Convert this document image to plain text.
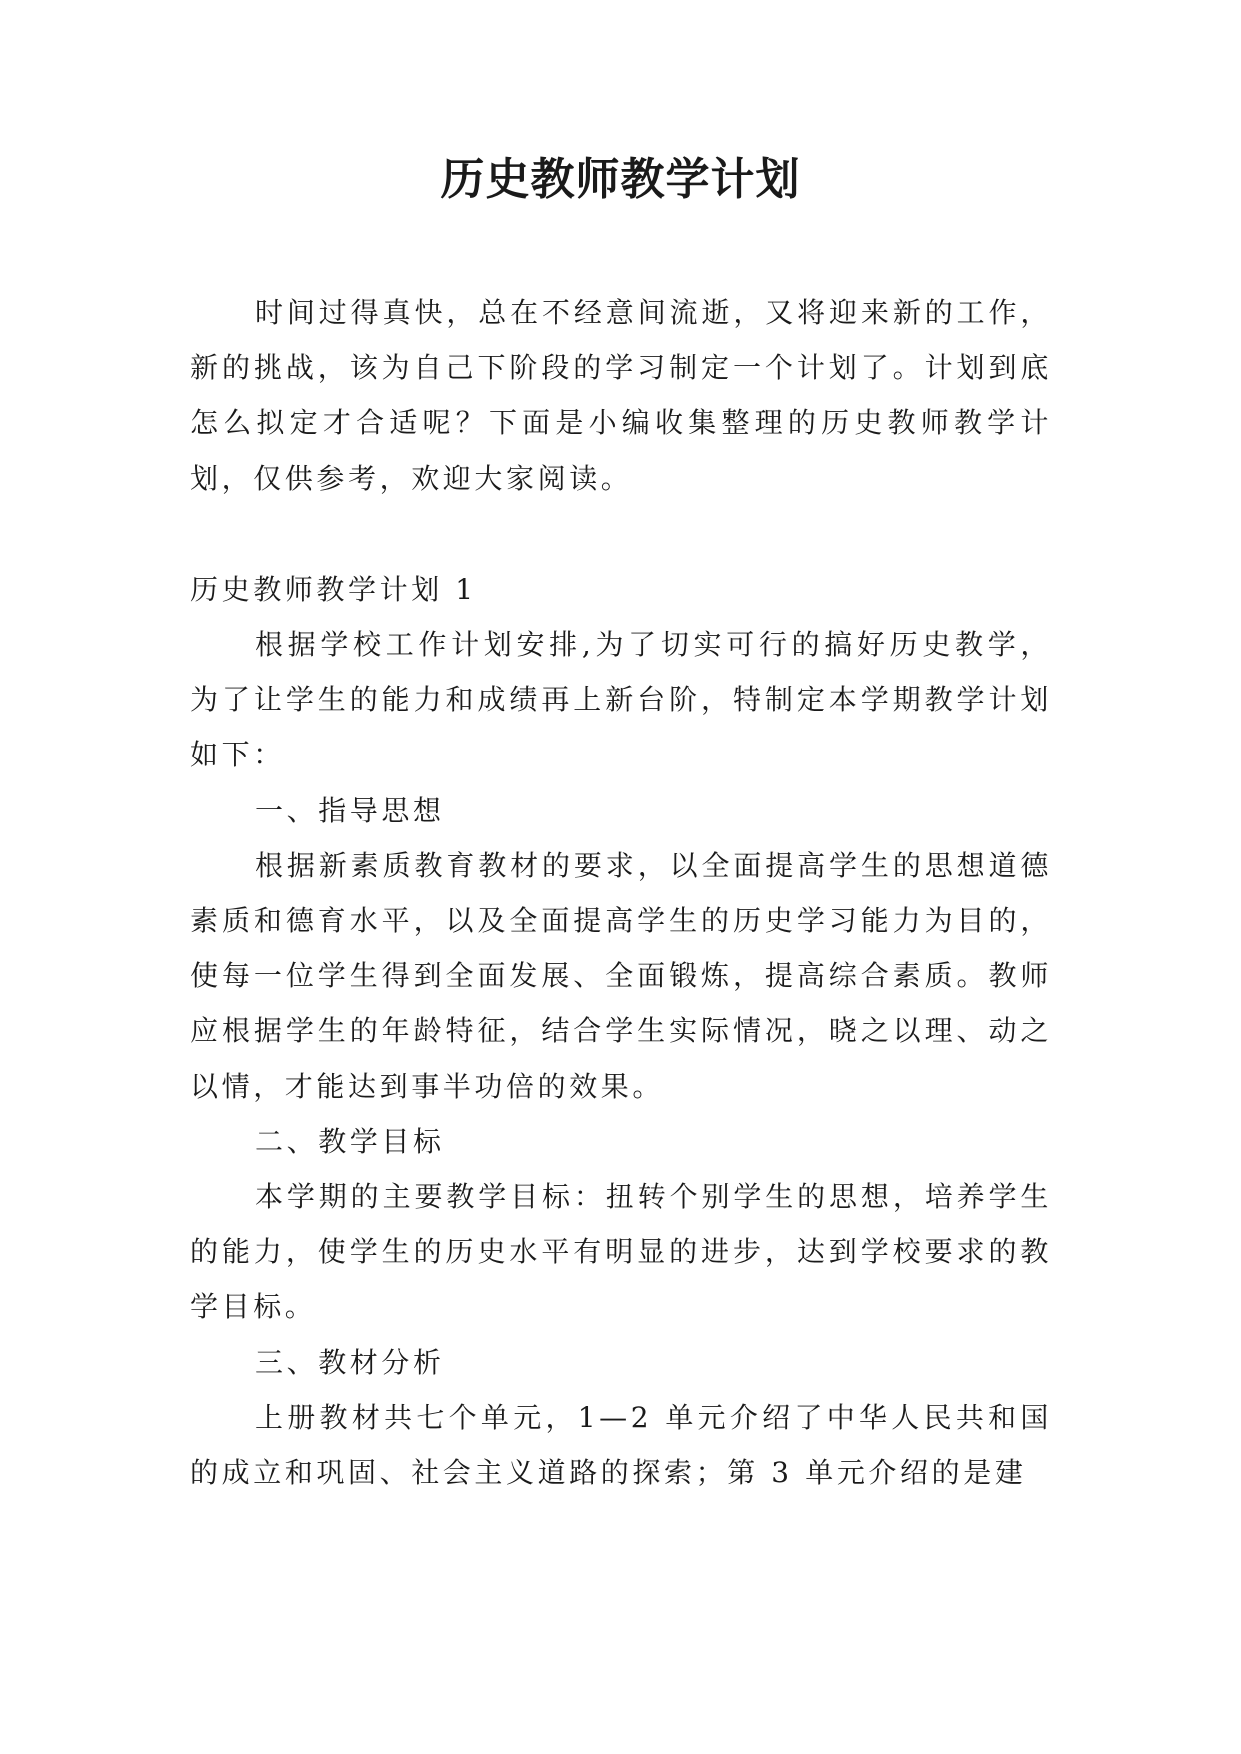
历史教师教学计划

时间过得真快，总在不经意间流逝，又将迎来新的工作，新的挑战，该为自己下阶段的学习制定一个计划了。计划到底怎么拟定才合适呢？下面是小编收集整理的历史教师教学计划，仅供参考，欢迎大家阅读。

历史教师教学计划 1

根据学校工作计划安排,为了切实可行的搞好历史教学，为了让学生的能力和成绩再上新台阶，特制定本学期教学计划如下：

一、指导思想

根据新素质教育教材的要求，以全面提高学生的思想道德素质和德育水平，以及全面提高学生的历史学习能力为目的，使每一位学生得到全面发展、全面锻炼，提高综合素质。教师应根据学生的年龄特征，结合学生实际情况，晓之以理、动之以情，才能达到事半功倍的效果。

二、教学目标

本学期的主要教学目标：扭转个别学生的思想，培养学生的能力，使学生的历史水平有明显的进步，达到学校要求的教学目标。

三、教材分析

上册教材共七个单元，1—2 单元介绍了中华人民共和国的成立和巩固、社会主义道路的探索；第 3 单元介绍的是建
